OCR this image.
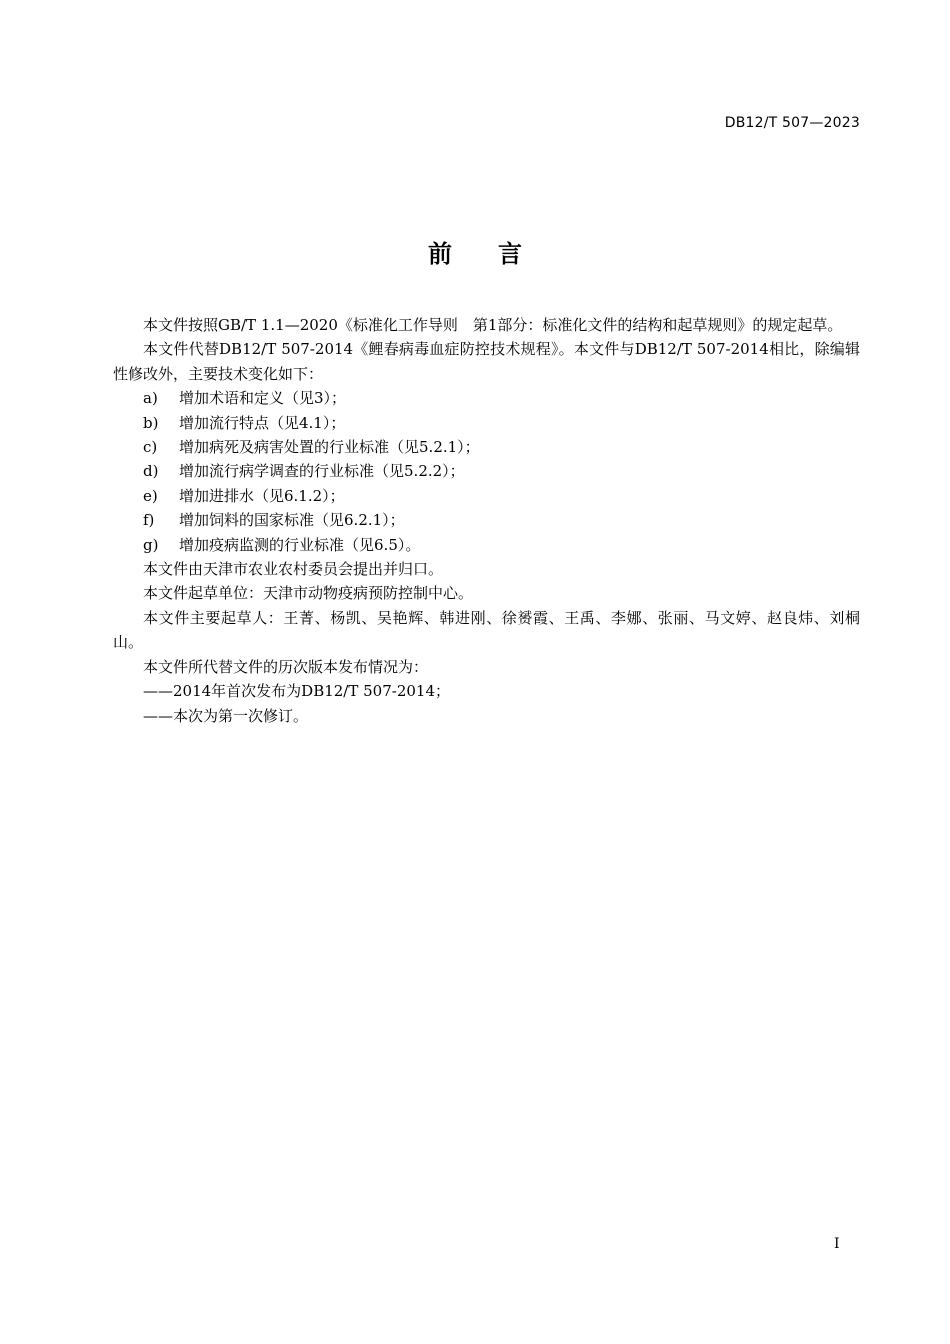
DB12/T 507—2023
前言

本文件按照GB/T 1.1—2020《标准化工作导则　第1部分：标准化文件的结构和起草规则》的规定起草。

本文件代替DB12/T 507-2014《鲤春病毒血症防控技术规程》。本文件与DB12/T 507-2014相比，除编辑性修改外，主要技术变化如下：

a)	增加术语和定义（见3）；
b)	增加流行特点（见4.1）；
c)	增加病死及病害处置的行业标准（见5.2.1）；
d)	增加流行病学调查的行业标准（见5.2.2）；
e)	增加进排水（见6.1.2）；
f)	增加饲料的国家标准（见6.2.1）；
g)	增加疫病监测的行业标准（见6.5）。

本文件由天津市农业农村委员会提出并归口。

本文件起草单位：天津市动物疫病预防控制中心。

本文件主要起草人：王菁、杨凯、吴艳辉、韩进刚、徐赟霞、王禹、李娜、张丽、马文婷、赵良炜、刘桐山。

本文件所代替文件的历次版本发布情况为：

——2014年首次发布为DB12/T 507-2014；

——本次为第一次修订。

I
